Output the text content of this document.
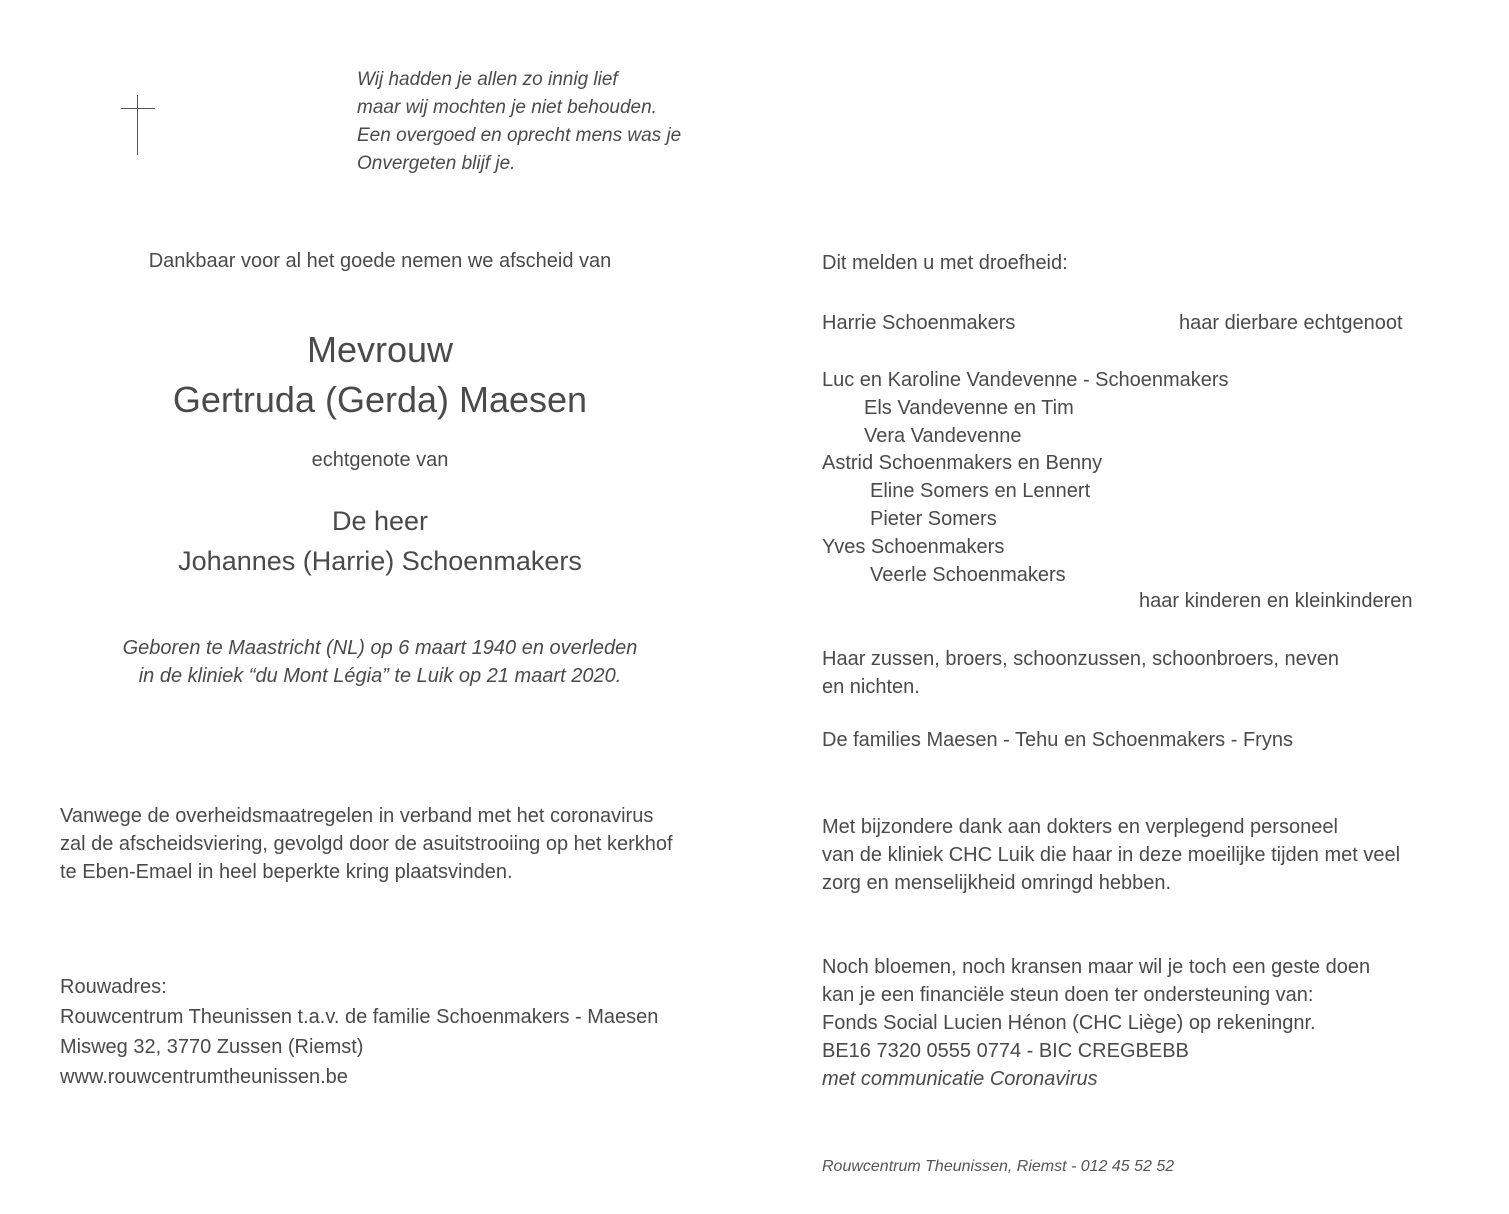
Wij hadden je allen zo innig lief
maar wij mochten je niet behouden.
Een overgoed en oprecht mens was je
Onvergeten blijf je.
Dankbaar voor al het goede nemen we afscheid van
Mevrouw
Gertruda (Gerda) Maesen
echtgenote van
De heer
Johannes (Harrie) Schoenmakers
Geboren te Maastricht (NL) op 6 maart 1940 en overleden
in de kliniek “du Mont Légia” te Luik op 21 maart 2020.
Vanwege de overheidsmaatregelen in verband met het coronavirus
zal de afscheidsviering, gevolgd door de asuitstrooiing op het kerkhof
te Eben-Emael in heel beperkte kring plaatsvinden.
Rouwadres:
Rouwcentrum Theunissen t.a.v. de familie Schoenmakers - Maesen
Misweg 32, 3770 Zussen (Riemst)
www.rouwcentrumtheunissen.be
Dit melden u met droefheid:
Harrie Schoenmakers	haar dierbare echtgenoot
Luc en Karoline Vandevenne - Schoenmakers
Els Vandevenne en Tim
Vera Vandevenne
Astrid Schoenmakers en Benny
Eline Somers en Lennert
Pieter Somers
Yves Schoenmakers
Veerle Schoenmakers
haar kinderen en kleinkinderen
Haar zussen, broers, schoonzussen, schoonbroers, neven
en nichten.
De families Maesen - Tehu en Schoenmakers - Fryns
Met bijzondere dank aan dokters en verplegend personeel
van de kliniek CHC Luik die haar in deze moeilijke tijden met veel
zorg en menselijkheid omringd hebben.
Noch bloemen, noch kransen maar wil je toch een geste doen
kan je een financiële steun doen ter ondersteuning van:
Fonds Social Lucien Hénon (CHC Liège) op rekeningnr.
BE16 7320 0555 0774 - BIC CREGBEBB
met communicatie Coronavirus
Rouwcentrum Theunissen, Riemst - 012 45 52 52
